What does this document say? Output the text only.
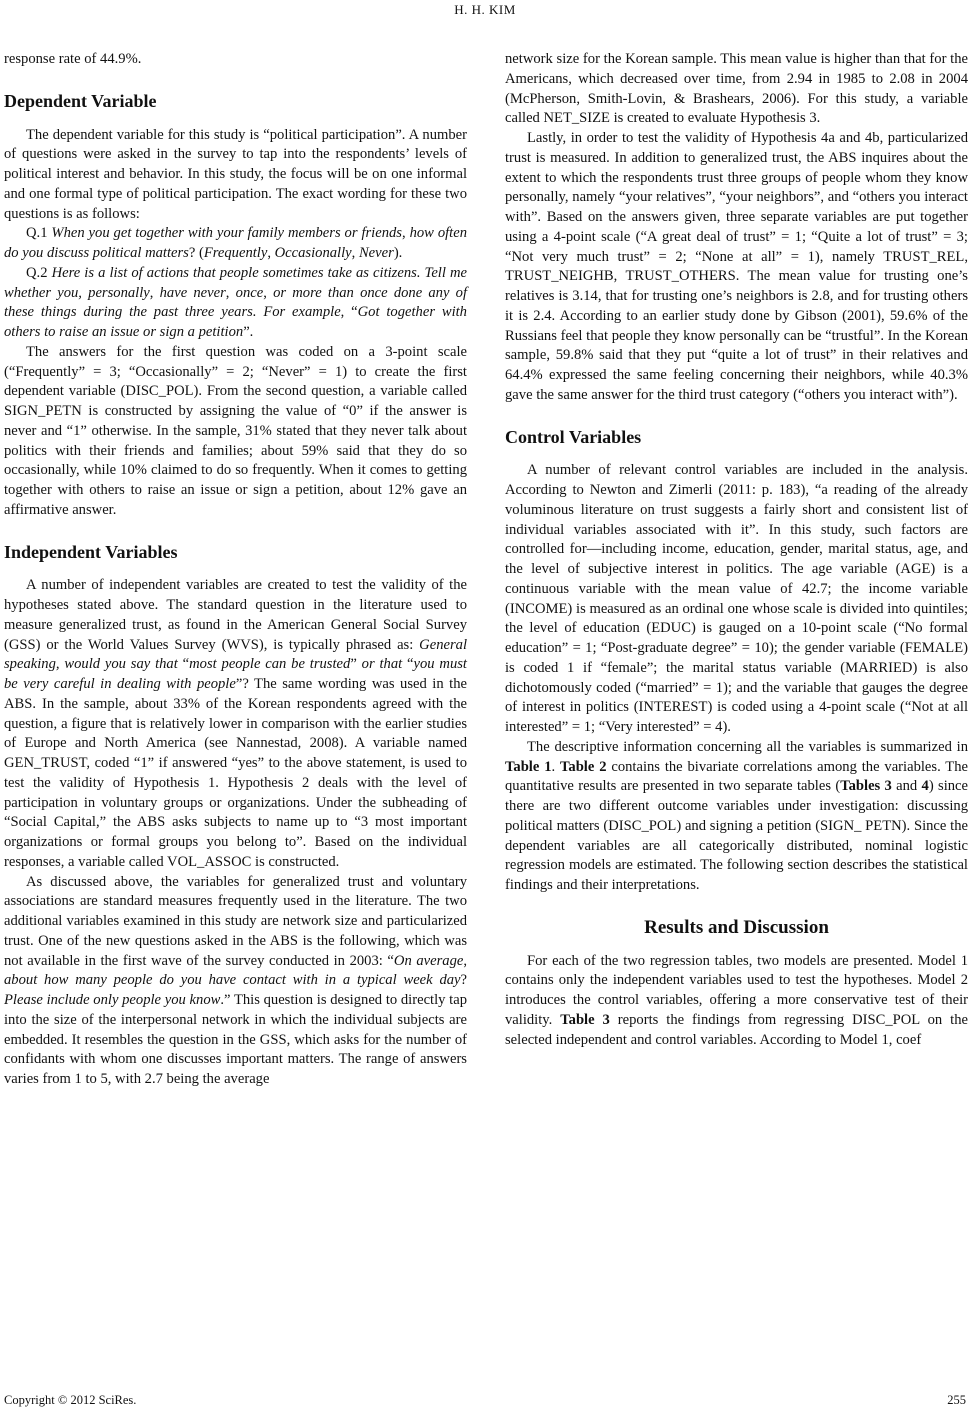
H. H. KIM

response rate of 44.9%.

Dependent Variable

The dependent variable for this study is “political participation”. A number of questions were asked in the survey to tap into the respondents’ levels of political interest and behavior. In this study, the focus will be on one informal and one formal type of political participation. The exact wording for these two questions is as follows:

Q.1 When you get together with your family members or friends, how often do you discuss political matters? (Frequently, Occasionally, Never).

Q.2 Here is a list of actions that people sometimes take as citizens. Tell me whether you, personally, have never, once, or more than once done any of these things during the past three years. For example, “Got together with others to raise an issue or sign a petition”.

The answers for the first question was coded on a 3-point scale (“Frequently” = 3; “Occasionally” = 2; “Never” = 1) to create the first dependent variable (DISC_POL). From the second question, a variable called SIGN_PETN is constructed by assigning the value of “0” if the answer is never and “1” otherwise. In the sample, 31% stated that they never talk about politics with their friends and families; about 59% said that they do so occasionally, while 10% claimed to do so frequently. When it comes to getting together with others to raise an issue or sign a petition, about 12% gave an affirmative answer.

Independent Variables

A number of independent variables are created to test the validity of the hypotheses stated above. The standard question in the literature used to measure generalized trust, as found in the American General Social Survey (GSS) or the World Values Survey (WVS), is typically phrased as: General speaking, would you say that “most people can be trusted” or that “you must be very careful in dealing with people”? The same wording was used in the ABS. In the sample, about 33% of the Korean respondents agreed with the question, a figure that is relatively lower in comparison with the earlier studies of Europe and North America (see Nannestad, 2008). A variable named GEN_TRUST, coded “1” if answered “yes” to the above statement, is used to test the validity of Hypothesis 1. Hypothesis 2 deals with the level of participation in voluntary groups or organizations. Under the subheading of “Social Capital,” the ABS asks subjects to name up to “3 most important organizations or formal groups you belong to”. Based on the individual responses, a variable called VOL_ASSOC is constructed.

As discussed above, the variables for generalized trust and voluntary associations are standard measures frequently used in the literature. The two additional variables examined in this study are network size and particularized trust. One of the new questions asked in the ABS is the following, which was not available in the first wave of the survey conducted in 2003: “On average, about how many people do you have contact with in a typical week day? Please include only people you know.” This question is designed to directly tap into the size of the interpersonal network in which the individual subjects are embedded. It resembles the question in the GSS, which asks for the number of confidants with whom one discusses important matters. The range of answers varies from 1 to 5, with 2.7 being the average

network size for the Korean sample. This mean value is higher than that for the Americans, which decreased over time, from 2.94 in 1985 to 2.08 in 2004 (McPherson, Smith-Lovin, & Brashears, 2006). For this study, a variable called NET_SIZE is created to evaluate Hypothesis 3.

Lastly, in order to test the validity of Hypothesis 4a and 4b, particularized trust is measured. In addition to generalized trust, the ABS inquires about the extent to which the respondents trust three groups of people whom they know personally, namely “your relatives”, “your neighbors”, and “others you interact with”. Based on the answers given, three separate variables are put together using a 4-point scale (“A great deal of trust” = 1; “Quite a lot of trust” = 3; “Not very much trust” = 2; “None at all” = 1), namely TRUST_REL, TRUST_NEIGHB, TRUST_OTHERS. The mean value for trusting one’s relatives is 3.14, that for trusting one’s neighbors is 2.8, and for trusting others it is 2.4. According to an earlier study done by Gibson (2001), 59.6% of the Russians feel that people they know personally can be “trustful”. In the Korean sample, 59.8% said that they put “quite a lot of trust” in their relatives and 64.4% expressed the same feeling concerning their neighbors, while 40.3% gave the same answer for the third trust category (“others you interact with”).

Control Variables

A number of relevant control variables are included in the analysis. According to Newton and Zimerli (2011: p. 183), “a reading of the already voluminous literature on trust suggests a fairly short and consistent list of individual variables associated with it”. In this study, such factors are controlled for—including income, education, gender, marital status, age, and the level of subjective interest in politics. The age variable (AGE) is a continuous variable with the mean value of 42.7; the income variable (INCOME) is measured as an ordinal one whose scale is divided into quintiles; the level of education (EDUC) is gauged on a 10-point scale (“No formal education” = 1; “Post-graduate degree” = 10); the gender variable (FEMALE) is coded 1 if “female”; the marital status variable (MARRIED) is also dichotomously coded (“married” = 1); and the variable that gauges the degree of interest in politics (INTEREST) is coded using a 4-point scale (“Not at all interested” = 1; “Very interested” = 4).

The descriptive information concerning all the variables is summarized in Table 1. Table 2 contains the bivariate correlations among the variables. The quantitative results are presented in two separate tables (Tables 3 and 4) since there are two different outcome variables under investigation: discussing political matters (DISC_POL) and signing a petition (SIGN_ PETN). Since the dependent variables are all categorically distributed, nominal logistic regression models are estimated. The following section describes the statistical findings and their interpretations.

Results and Discussion

For each of the two regression tables, two models are presented. Model 1 contains only the independent variables used to test the hypotheses. Model 2 introduces the control variables, offering a more conservative test of their validity. Table 3 reports the findings from regressing DISC_POL on the selected independent and control variables. According to Model 1, coef

Copyright © 2012 SciRes.	255
